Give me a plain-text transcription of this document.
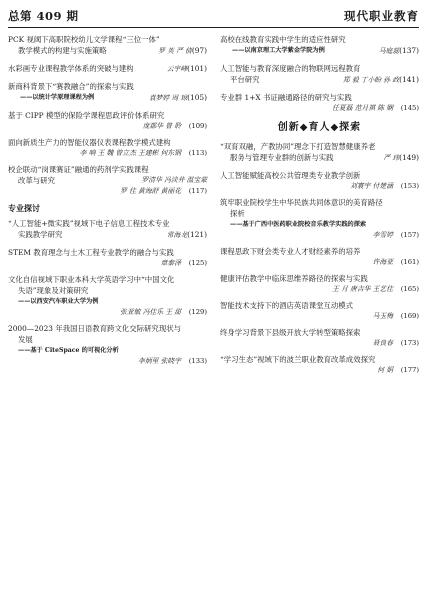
总第 409 期	现代职业教育
PCK 视阈下高职院校幼儿文学课程“三位一体”
教学模式的构建与实施策略	罗 英 严 倩(97)
水彩画专业课程教学体系的突破与建构	云宇峰(101)
新商科背景下“赛教融合”的探索与实践
——以统计学原理课程为例	袁梦婷 周 琼(105)
基于 CIPP 模型的保险学课程思政评价体系研究
庞郡华 曾 聆 (109)
面向新质生产力的智能仪器仪表课程教学模式建构
李 响 王 魏 曾立杰 王建彬 何东钢 (113)
校企联动“岗课赛证”融通的药剂学实践课程
改革与研究	罗清华 冯淡井 温宝蒙
罗 佳 黄海舒 黄丽花 (117)
专业探讨
“人工智能+微实践”视域下电子信息工程技术专业
实践教学研究	常海龙(121)
STEM 教育理念与土木工程专业教学的融合与实践
章秦泽 (125)
文化自信视域下职业本科大学英语学习中“中国文化
失语”现象及对策研究
——以西安汽车职业大学为例
张亚敏 冯佳乐 王 甜 (129)
2000—2023 年我国日语教育跨文化交际研究现状与
发展
——基于 CiteSpace 的可视化分析
李炳里 张晓宇 (133)
高校在线教育实践中学生的适应性研究
——以南京理工大学紫金学院为例	马庭蕊(137)
人工智能与教育深度融合的物联网远程教育
平台研究	郑 毅 丁小盼 孙 政(141)
专业群 1+X 书证融通路径的研究与实践
任夏磊 范月祺 陈 娴 (145)
创新◆育人◆探索
“双育双融，产教协同”理念下打造智慧健康养老
服务与管理专业群的创新与实践	严 玮(149)
人工智能赋能高校公共管理类专业教学创新
刘寰宇 付楚涵 (153)
筑牢职业院校学生中华民族共同体意识的美育路径
探析
——基于广西中医药职业院校音乐教学实践的探索
李雪婷 (157)
课程思政下财会类专业人才财经素养的培养
许海亚 (161)
健康评估教学中临床思维养路径的探索与实践
王 月 唐吉华 王艺佳 (165)
智能技术支持下的酒店英语课堂互动模式
马玉梅 (169)
终身学习背景下县级开放大学转型策略探索
聂良春 (173)
“学习生态”视域下的波兰职业教育改革成效探究
何 娟 (177)
